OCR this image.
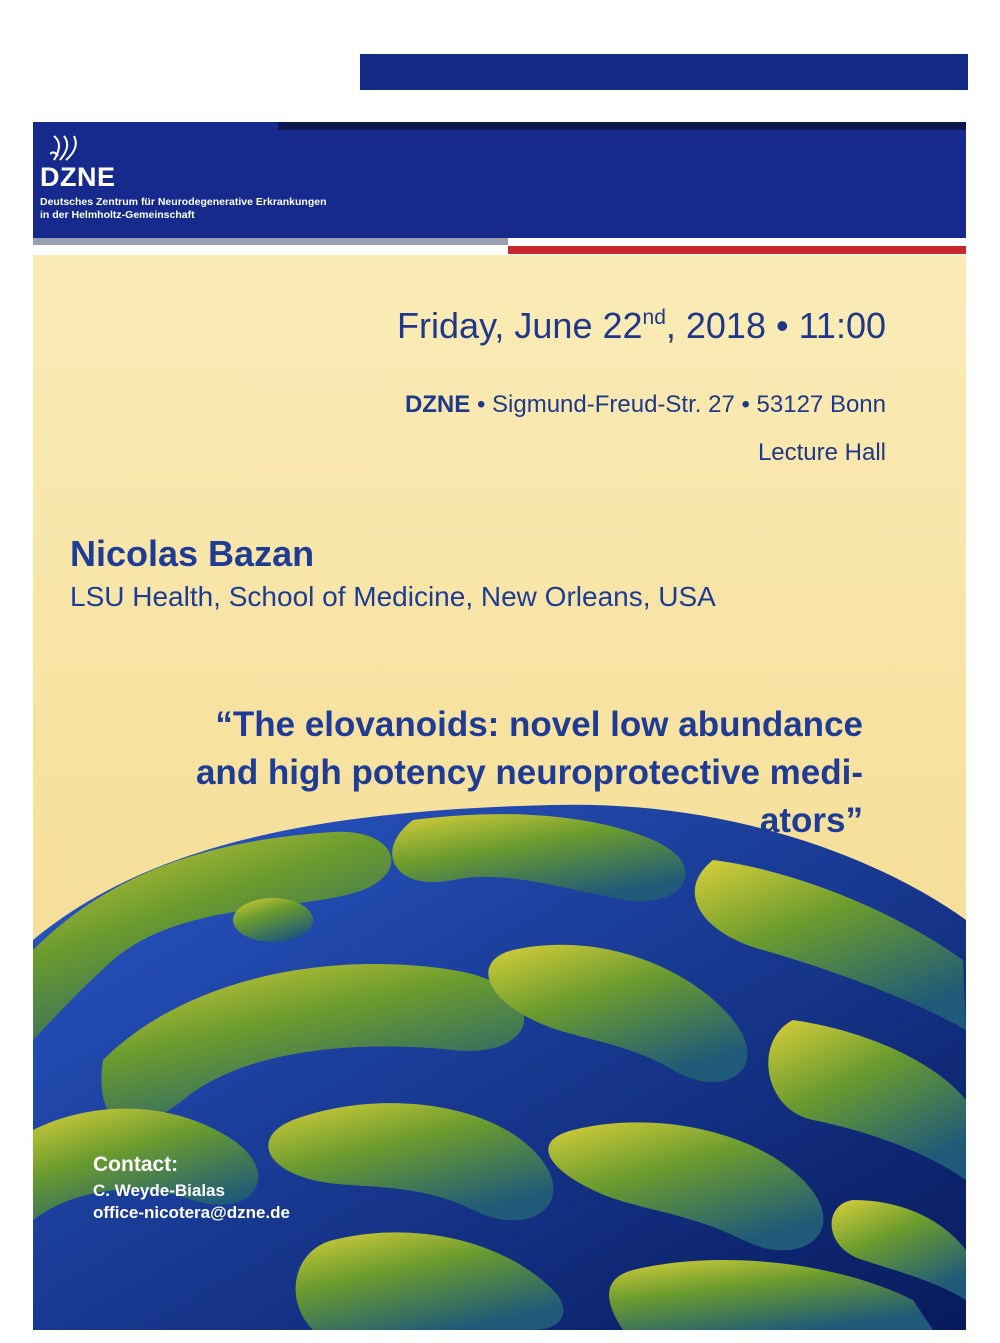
DZNE
Deutsches Zentrum für Neurodegenerative Erkrankungen
in der Helmholtz-Gemeinschaft
Friday, June 22nd, 2018 • 11:00
DZNE • Sigmund-Freud-Str. 27 • 53127 Bonn
Lecture Hall
Nicolas Bazan
LSU Health, School of Medicine, New Orleans, USA
“The elovanoids: novel low abundance
and high potency neuroprotective medi-
ators”
Contact:
C. Weyde-Bialas
office-nicotera@dzne.de
